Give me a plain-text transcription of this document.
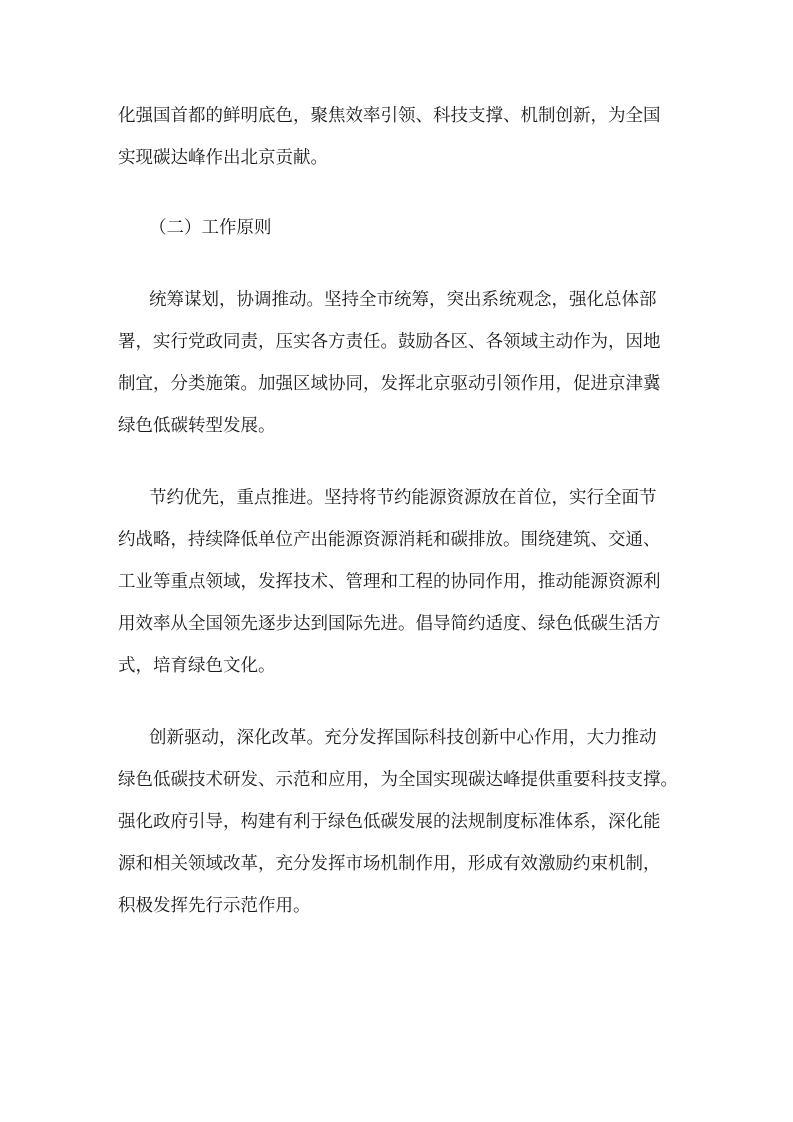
化强国首都的鲜明底色，聚焦效率引领、科技支撑、机制创新，为全国
实现碳达峰作出北京贡献。
（二）工作原则
统筹谋划，协调推动。坚持全市统筹，突出系统观念，强化总体部
署，实行党政同责，压实各方责任。鼓励各区、各领域主动作为，因地
制宜，分类施策。加强区域协同，发挥北京驱动引领作用，促进京津冀
绿色低碳转型发展。
节约优先，重点推进。坚持将节约能源资源放在首位，实行全面节
约战略，持续降低单位产出能源资源消耗和碳排放。围绕建筑、交通、
工业等重点领域，发挥技术、管理和工程的协同作用，推动能源资源利
用效率从全国领先逐步达到国际先进。倡导简约适度、绿色低碳生活方
式，培育绿色文化。
创新驱动，深化改革。充分发挥国际科技创新中心作用，大力推动
绿色低碳技术研发、示范和应用，为全国实现碳达峰提供重要科技支撑。
强化政府引导，构建有利于绿色低碳发展的法规制度标准体系，深化能
源和相关领域改革，充分发挥市场机制作用，形成有效激励约束机制，
积极发挥先行示范作用。
